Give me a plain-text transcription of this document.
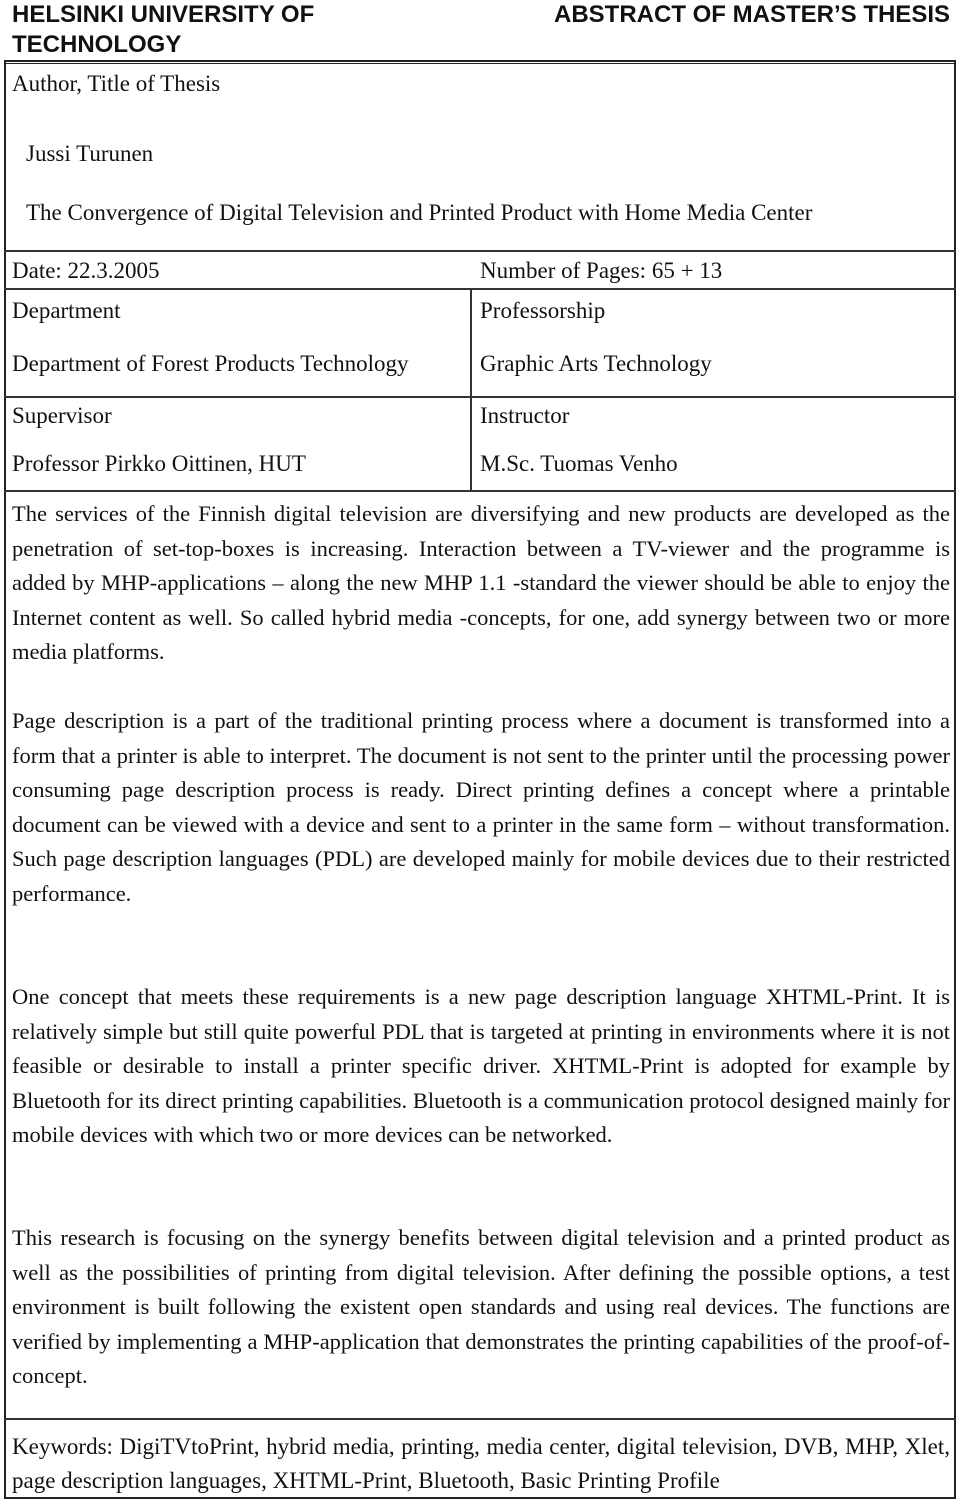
HELSINKI UNIVERSITY OF
TECHNOLOGY
ABSTRACT OF MASTER’S THESIS
Author, Title of Thesis
Jussi Turunen
The Convergence of Digital Television and Printed Product with Home Media Center
Date: 22.3.2005	Number of Pages: 65 + 13
Department	Professorship
Department of Forest Products Technology	Graphic Arts Technology
Supervisor	Instructor
Professor Pirkko Oittinen, HUT	M.Sc. Tuomas Venho

The services of the Finnish digital television are diversifying and new products are developed as the penetration of set-top-boxes is increasing. Interaction between a TV-viewer and the programme is added by MHP-applications – along the new MHP 1.1 -standard the viewer should be able to enjoy the Internet content as well. So called hybrid media -concepts, for one, add synergy between two or more media platforms.

Page description is a part of the traditional printing process where a document is transformed into a form that a printer is able to interpret. The document is not sent to the printer until the processing power consuming page description process is ready. Direct printing defines a concept where a printable document can be viewed with a device and sent to a printer in the same form – without transformation. Such page description languages (PDL) are developed mainly for mobile devices due to their restricted performance.

One concept that meets these requirements is a new page description language XHTML-Print. It is relatively simple but still quite powerful PDL that is targeted at printing in environments where it is not feasible or desirable to install a printer specific driver. XHTML-Print is adopted for example by Bluetooth for its direct printing capabilities. Bluetooth is a communication protocol designed mainly for mobile devices with which two or more devices can be networked.

This research is focusing on the synergy benefits between digital television and a printed product as well as the possibilities of printing from digital television. After defining the possible options, a test environment is built following the existent open standards and using real devices. The functions are verified by implementing a MHP-application that demonstrates the printing capabilities of the proof-of-concept.

Keywords: DigiTVtoPrint, hybrid media, printing, media center, digital television, DVB, MHP, Xlet, page description languages, XHTML-Print, Bluetooth, Basic Printing Profile
